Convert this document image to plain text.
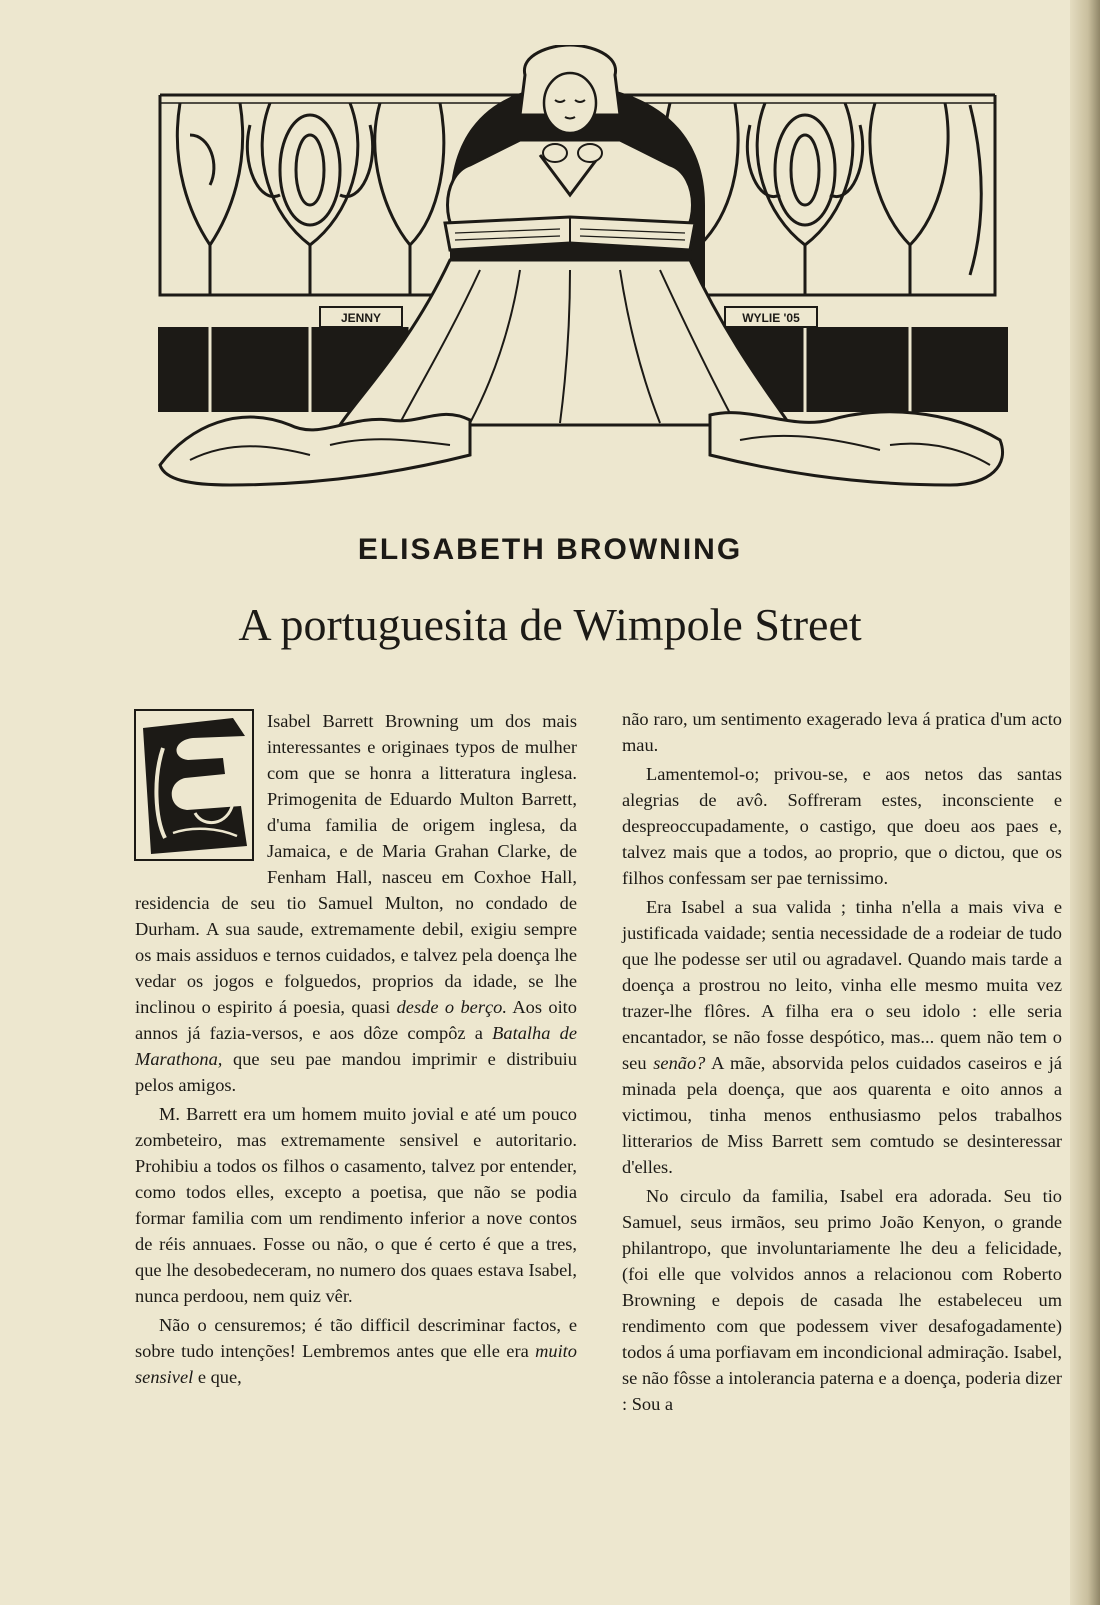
JENNY	WYLIE '05
ELISABETH BROWNING
A portuguesita de Wimpole Street

Isabel Barrett Browning um dos mais interessantes e originaes typos de mulher com que se honra a litteratura inglesa. Primogenita de Eduardo Multon Barrett, d'uma familia de origem inglesa, da Jamaica, e de Maria Grahan Clarke, de Fenham Hall, nasceu em Coxhoe Hall, residencia de seu tio Samuel Multon, no condado de Durham. A sua saude, extremamente debil, exigiu sempre os mais assiduos e ternos cuidados, e talvez pela doença lhe vedar os jogos e folguedos, proprios da idade, se lhe inclinou o espirito á poesia, quasi desde o berço. Aos oito annos já fazia-versos, e aos dôze compôz a Batalha de Marathona, que seu pae mandou imprimir e distribuiu pelos amigos.

M. Barrett era um homem muito jovial e até um pouco zombeteiro, mas extremamente sensivel e autoritario. Prohibiu a todos os filhos o casamento, talvez por entender, como todos elles, excepto a poetisa, que não se podia formar familia com um rendimento inferior a nove contos de réis annuaes. Fosse ou não, o que é certo é que a tres, que lhe desobedeceram, no numero dos quaes estava Isabel, nunca perdoou, nem quiz vêr.

Não o censuremos; é tão difficil descriminar factos, e sobre tudo intenções! Lembremos antes que elle era muito sensivel e que,

não raro, um sentimento exagerado leva á pratica d'um acto mau.

Lamentemol-o; privou-se, e aos netos das santas alegrias de avô. Soffreram estes, inconsciente e despreoccupadamente, o castigo, que doeu aos paes e, talvez mais que a todos, ao proprio, que o dictou, que os filhos confessam ser pae ternissimo.

Era Isabel a sua valida ; tinha n'ella a mais viva e justificada vaidade; sentia necessidade de a rodeiar de tudo que lhe podesse ser util ou agradavel. Quando mais tarde a doença a prostrou no leito, vinha elle mesmo muita vez trazer-lhe flôres. A filha era o seu idolo : elle seria encantador, se não fosse despótico, mas... quem não tem o seu senão? A mãe, absorvida pelos cuidados caseiros e já minada pela doença, que aos quarenta e oito annos a victimou, tinha menos enthusiasmo pelos trabalhos litterarios de Miss Barrett sem comtudo se desinteressar d'elles.

No circulo da familia, Isabel era adorada. Seu tio Samuel, seus irmãos, seu primo João Kenyon, o grande philantropo, que involuntariamente lhe deu a felicidade, (foi elle que volvidos annos a relacionou com Roberto Browning e depois de casada lhe estabeleceu um rendimento com que podessem viver desafogadamente) todos á uma porfiavam em incondicional admiração. Isabel, se não fôsse a intolerancia paterna e a doença, poderia dizer : Sou a
